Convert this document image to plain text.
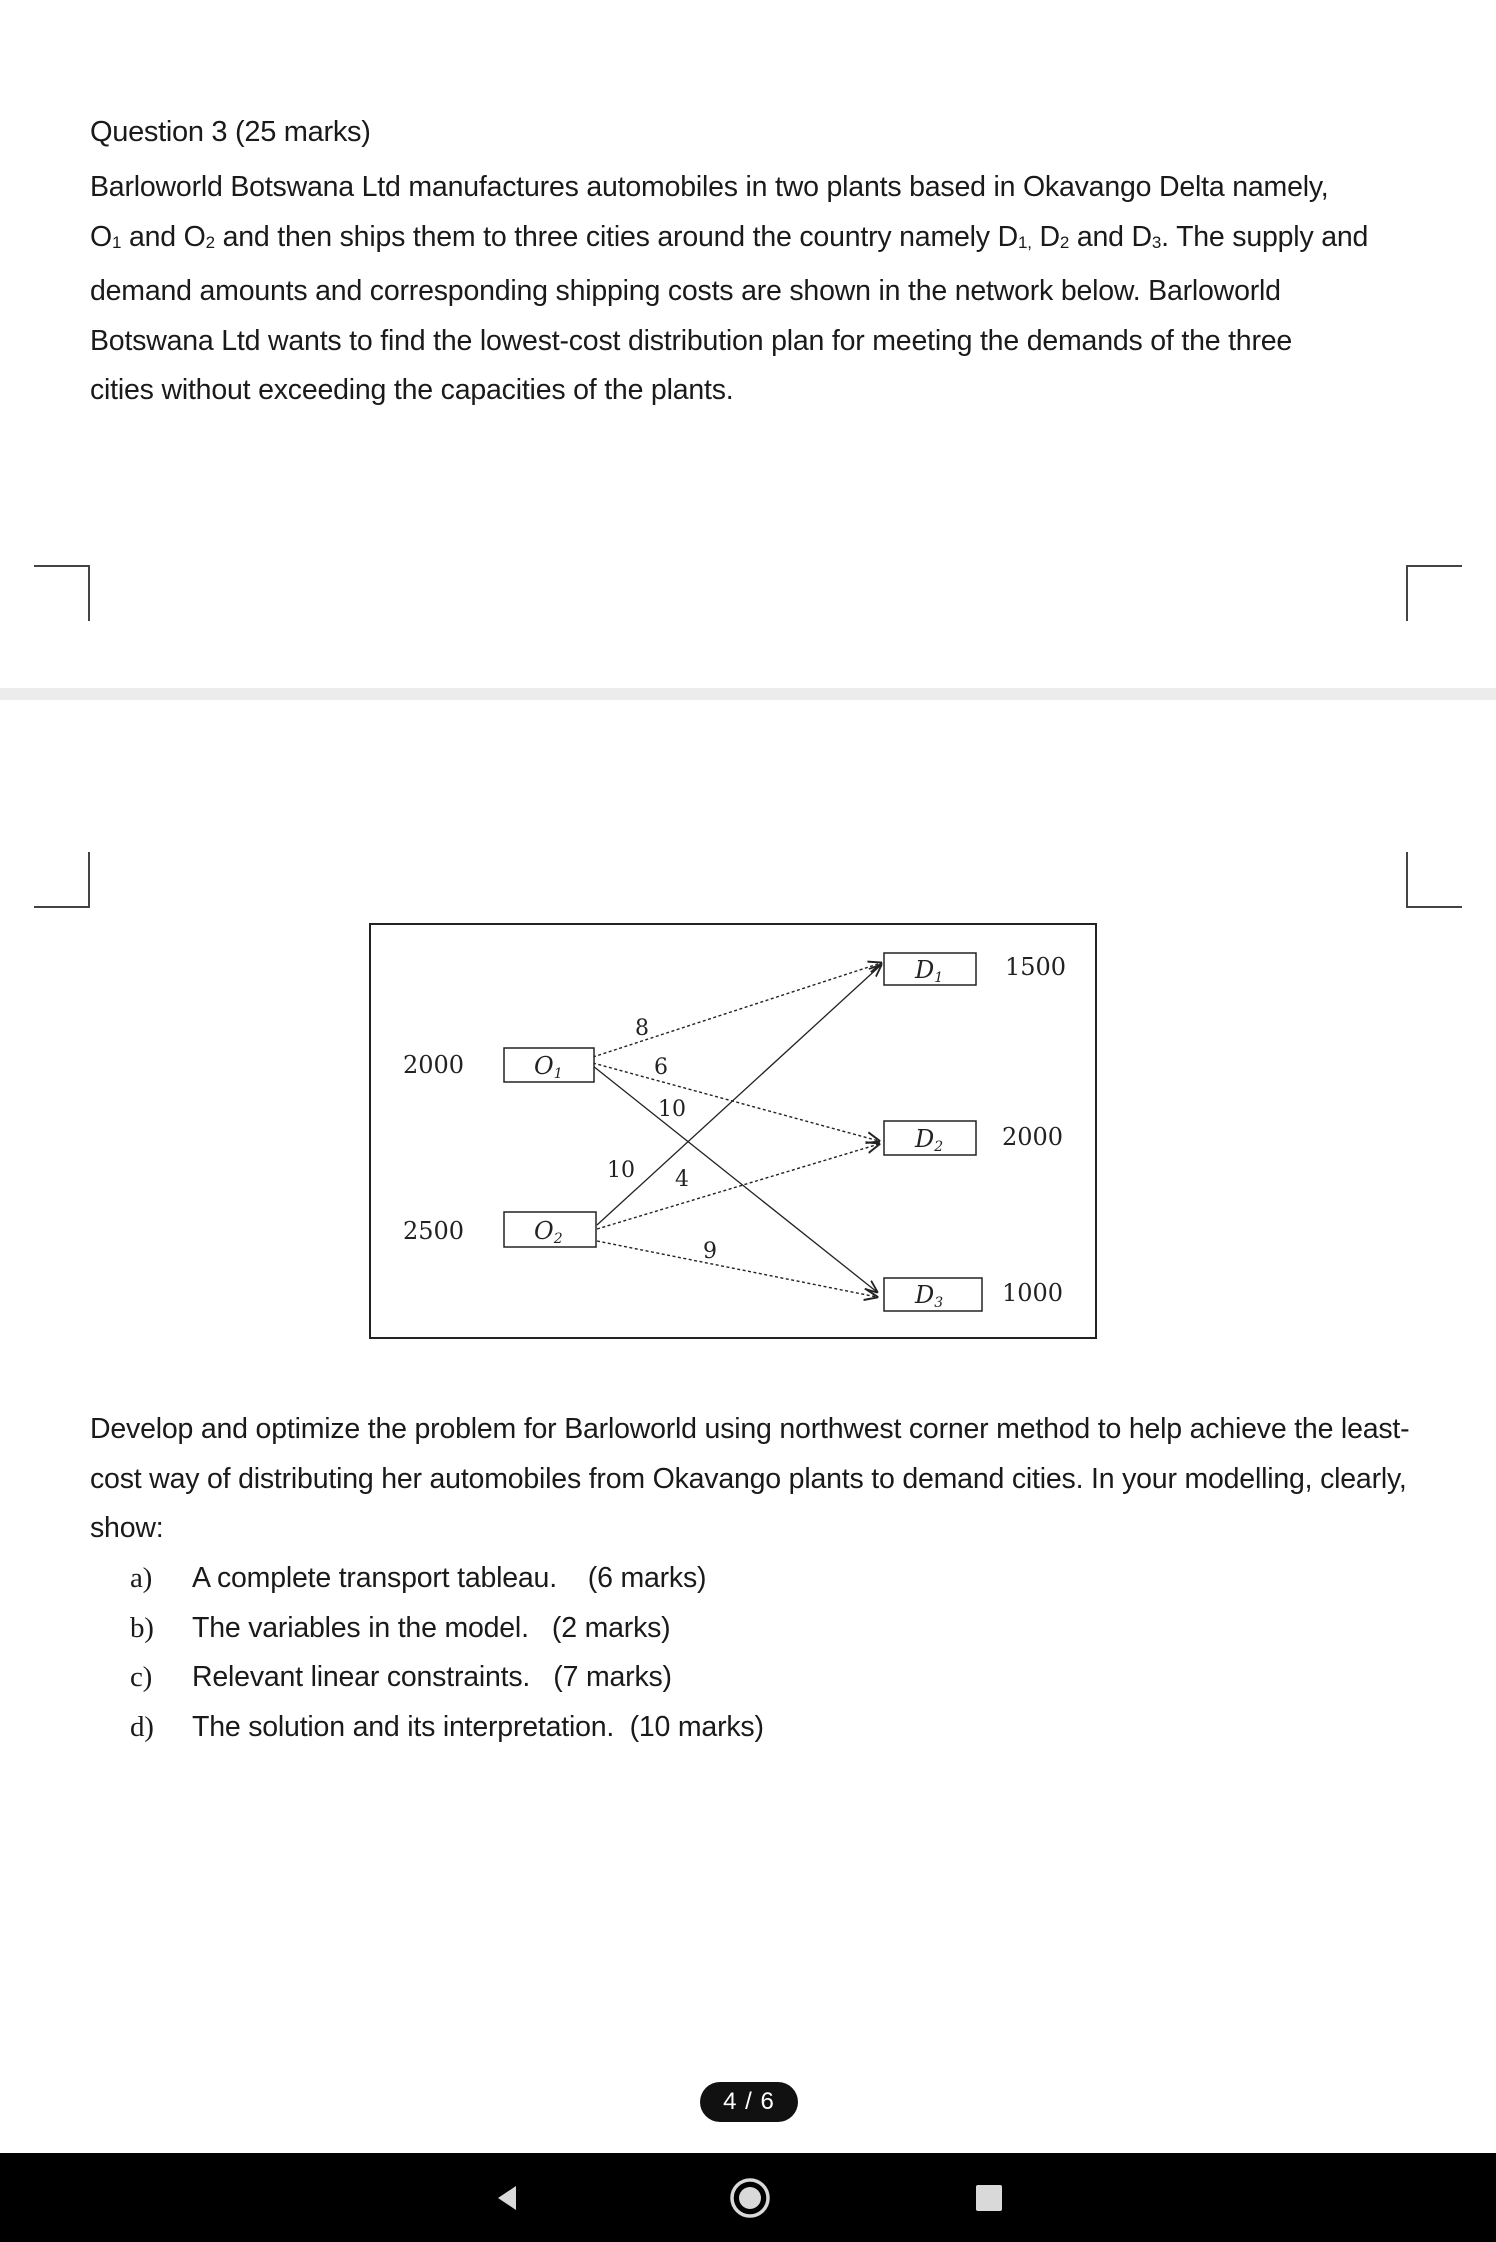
Question 3 (25 marks)
Barloworld Botswana Ltd manufactures automobiles in two plants based in Okavango Delta namely,
$O_1$ and $O_2$ and then ships them to three cities around the country namely $D_{1,}$ $D_2$ and $D_3$. The supply and
demand amounts and corresponding shipping costs are shown in the network below. Barloworld
Botswana Ltd wants to find the lowest-cost distribution plan for meeting the demands of the three
cities without exceeding the capacities of the plants.
O1
O2
D1
D2
D3
2000
2500
1500
2000
1000
8
6
10
10 4
9
Develop and optimize the problem for Barloworld using northwest corner method to help achieve the least-cost way of distributing her automobiles from Okavango plants to demand cities. In your modelling, clearly, show:
a)	A complete transport tableau.    (6 marks)
b)	The variables in the model.   (2 marks)
c)	Relevant linear constraints.   (7 marks)
d)	The solution and its interpretation.  (10 marks)
4 / 6
